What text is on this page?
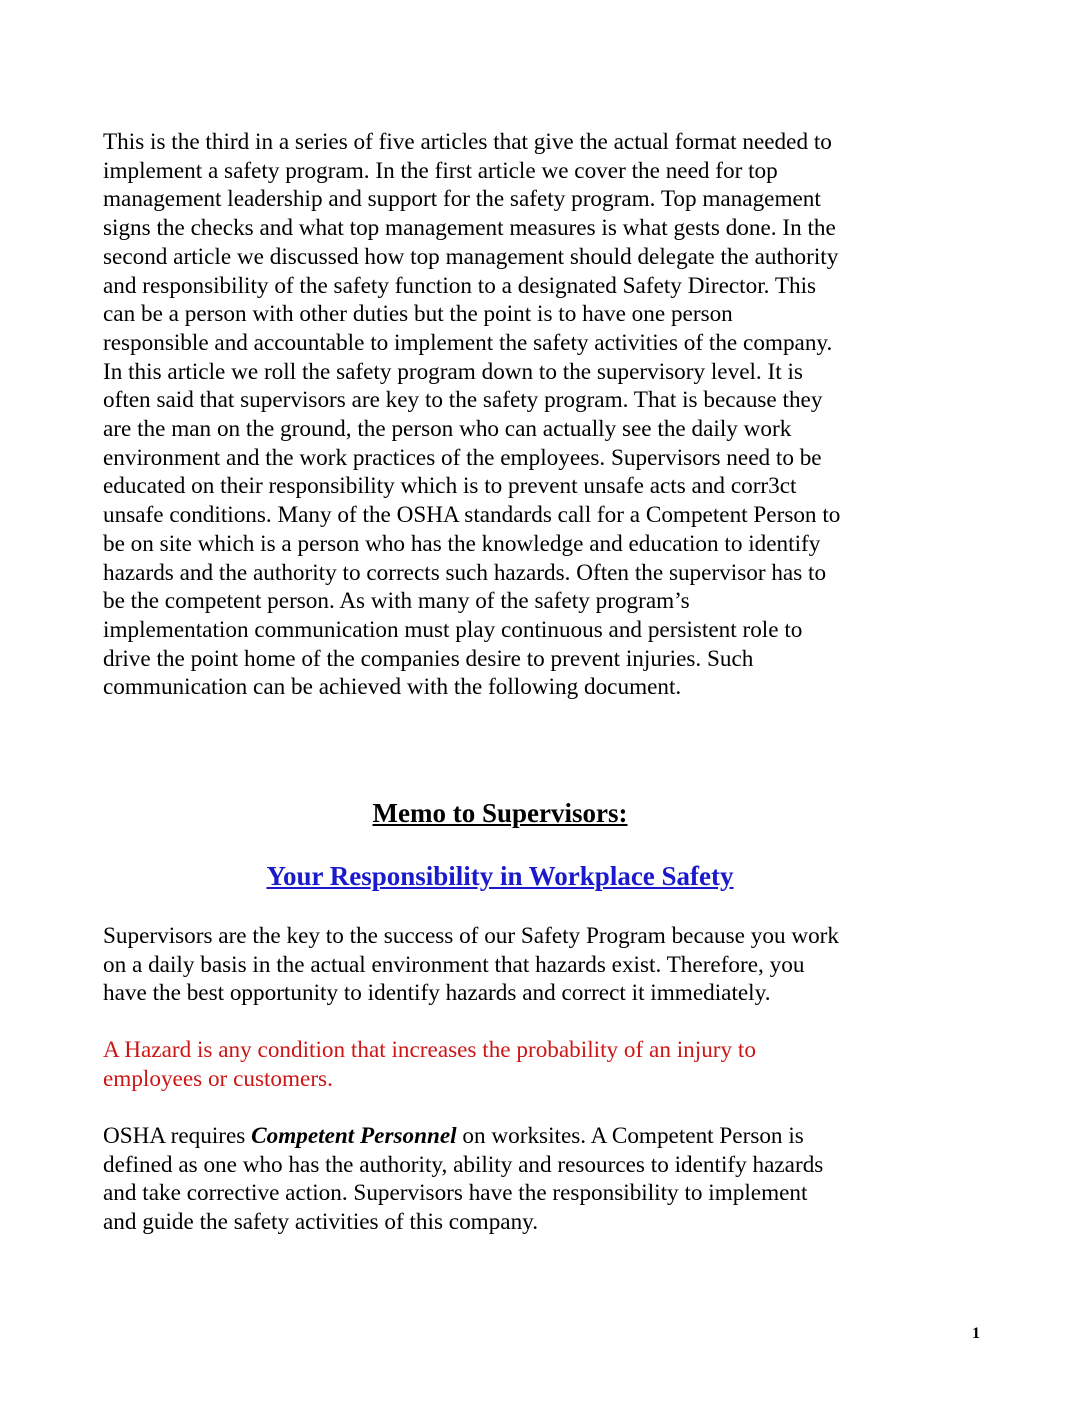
This is the third in a series of five articles that give the actual format needed to
implement a safety program. In the first article we cover the need for top
management leadership and support for the safety program. Top management
signs the checks and what top management measures is what gests done. In the
second article we discussed how top management should delegate the authority
and responsibility of the safety function to a designated Safety Director. This
can be a person with other duties but the point is to have one person
responsible and accountable to implement the safety activities of the company.
In this article we roll the safety program down to the supervisory level. It is
often said that supervisors are key to the safety program. That is because they
are the man on the ground, the person who can actually see the daily work
environment and the work practices of the employees. Supervisors need to be
educated on their responsibility which is to prevent unsafe acts and corr3ct
unsafe conditions. Many of the OSHA standards call for a Competent Person to
be on site which is a person who has the knowledge and education to identify
hazards and the authority to corrects such hazards. Often the supervisor has to
be the competent person. As with many of the safety program’s
implementation communication must play continuous and persistent role to
drive the point home of the companies desire to prevent injuries. Such
communication can be achieved with the following document.
Memo to Supervisors:
Your Responsibility in Workplace Safety
Supervisors are the key to the success of our Safety Program because you work
on a daily basis in the actual environment that hazards exist. Therefore, you
have the best opportunity to identify hazards and correct it immediately.
A Hazard is any condition that increases the probability of an injury to
employees or customers.
OSHA requires Competent Personnel on worksites. A Competent Person is
defined as one who has the authority, ability and resources to identify hazards
and take corrective action. Supervisors have the responsibility to implement
and guide the safety activities of this company.
1
